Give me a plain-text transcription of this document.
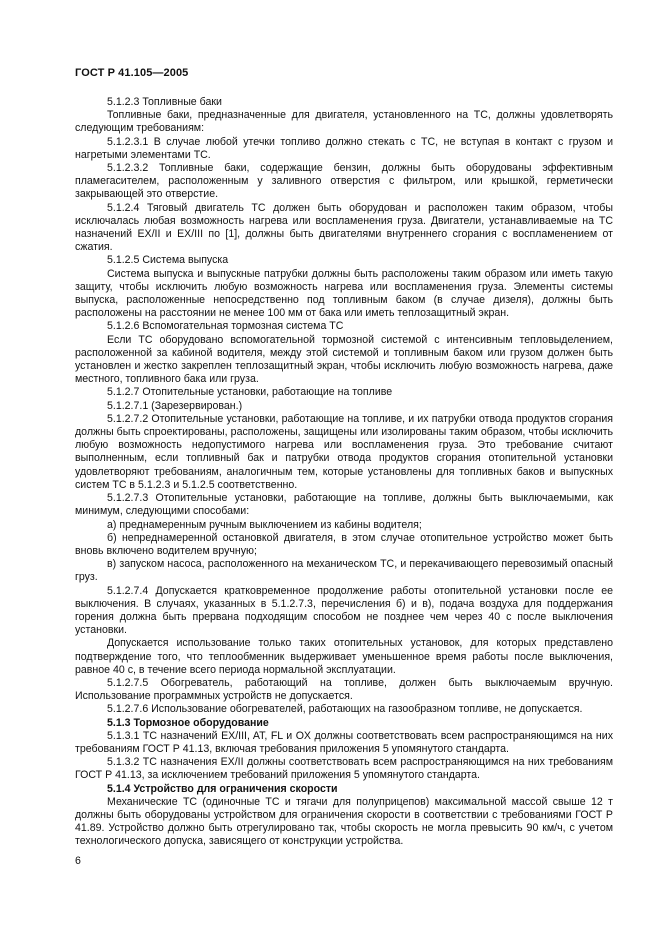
ГОСТ Р 41.105—2005

5.1.2.3 Топливные баки

Топливные баки, предназначенные для двигателя, установленного на ТС, должны удовлетворять следующим требованиям:

5.1.2.3.1 В случае любой утечки топливо должно стекать с ТС, не вступая в контакт с грузом и нагретыми элементами ТС.

5.1.2.3.2 Топливные баки, содержащие бензин, должны быть оборудованы эффективным пламегасителем, расположенным у заливного отверстия с фильтром, или крышкой, герметически закрывающей это отверстие.

5.1.2.4 Тяговый двигатель ТС должен быть оборудован и расположен таким образом, чтобы исключалась любая возможность нагрева или воспламенения груза. Двигатели, устанавливаемые на ТС назначений EX/II и EX/III по [1], должны быть двигателями внутреннего сгорания с воспламенением от сжатия.

5.1.2.5 Система выпуска

Система выпуска и выпускные патрубки должны быть расположены таким образом или иметь такую защиту, чтобы исключить любую возможность нагрева или воспламенения груза. Элементы системы выпуска, расположенные непосредственно под топливным баком (в случае дизеля), должны быть расположены на расстоянии не менее 100 мм от бака или иметь теплозащитный экран.

5.1.2.6 Вспомогательная тормозная система ТС

Если ТС оборудовано вспомогательной тормозной системой с интенсивным тепловыделением, расположенной за кабиной водителя, между этой системой и топливным баком или грузом должен быть установлен и жестко закреплен теплозащитный экран, чтобы исключить любую возможность нагрева, даже местного, топливного бака или груза.

5.1.2.7 Отопительные установки, работающие на топливе

5.1.2.7.1 (Зарезервирован.)

5.1.2.7.2 Отопительные установки, работающие на топливе, и их патрубки отвода продуктов сгорания должны быть спроектированы, расположены, защищены или изолированы таким образом, чтобы исключить любую возможность недопустимого нагрева или воспламенения груза. Это требование считают выполненным, если топливный бак и патрубки отвода продуктов сгорания отопительной установки удовлетворяют требованиям, аналогичным тем, которые установлены для топливных баков и выпускных систем ТС в 5.1.2.3 и 5.1.2.5 соответственно.

5.1.2.7.3 Отопительные установки, работающие на топливе, должны быть выключаемыми, как минимум, следующими способами:

а) преднамеренным ручным выключением из кабины водителя;

б) непреднамеренной остановкой двигателя, в этом случае отопительное устройство может быть вновь включено водителем вручную;

в) запуском насоса, расположенного на механическом ТС, и перекачивающего перевозимый опасный груз.

5.1.2.7.4 Допускается кратковременное продолжение работы отопительной установки после ее выключения. В случаях, указанных в 5.1.2.7.3, перечисления б) и в), подача воздуха для поддержания горения должна быть прервана подходящим способом не позднее чем через 40 с после выключения установки.

Допускается использование только таких отопительных установок, для которых представлено подтверждение того, что теплообменник выдерживает уменьшенное время работы после выключения, равное 40 с, в течение всего периода нормальной эксплуатации.

5.1.2.7.5 Обогреватель, работающий на топливе, должен быть выключаемым вручную. Использование программных устройств не допускается.

5.1.2.7.6 Использование обогревателей, работающих на газообразном топливе, не допускается.

5.1.3 Тормозное оборудование

5.1.3.1 ТС назначений EX/III, AT, FL и OX должны соответствовать всем распространяющимся на них требованиям ГОСТ Р 41.13, включая требования приложения 5 упомянутого стандарта.

5.1.3.2 ТС назначения EX/II должны соответствовать всем распространяющимся на них требованиям ГОСТ Р 41.13, за исключением требований приложения 5 упомянутого стандарта.

5.1.4 Устройство для ограничения скорости

Механические ТС (одиночные ТС и тягачи для полуприцепов) максимальной массой свыше 12 т должны быть оборудованы устройством для ограничения скорости в соответствии с требованиями ГОСТ Р 41.89. Устройство должно быть отрегулировано так, чтобы скорость не могла превысить 90 км/ч, с учетом технологического допуска, зависящего от конструкции устройства.

6
